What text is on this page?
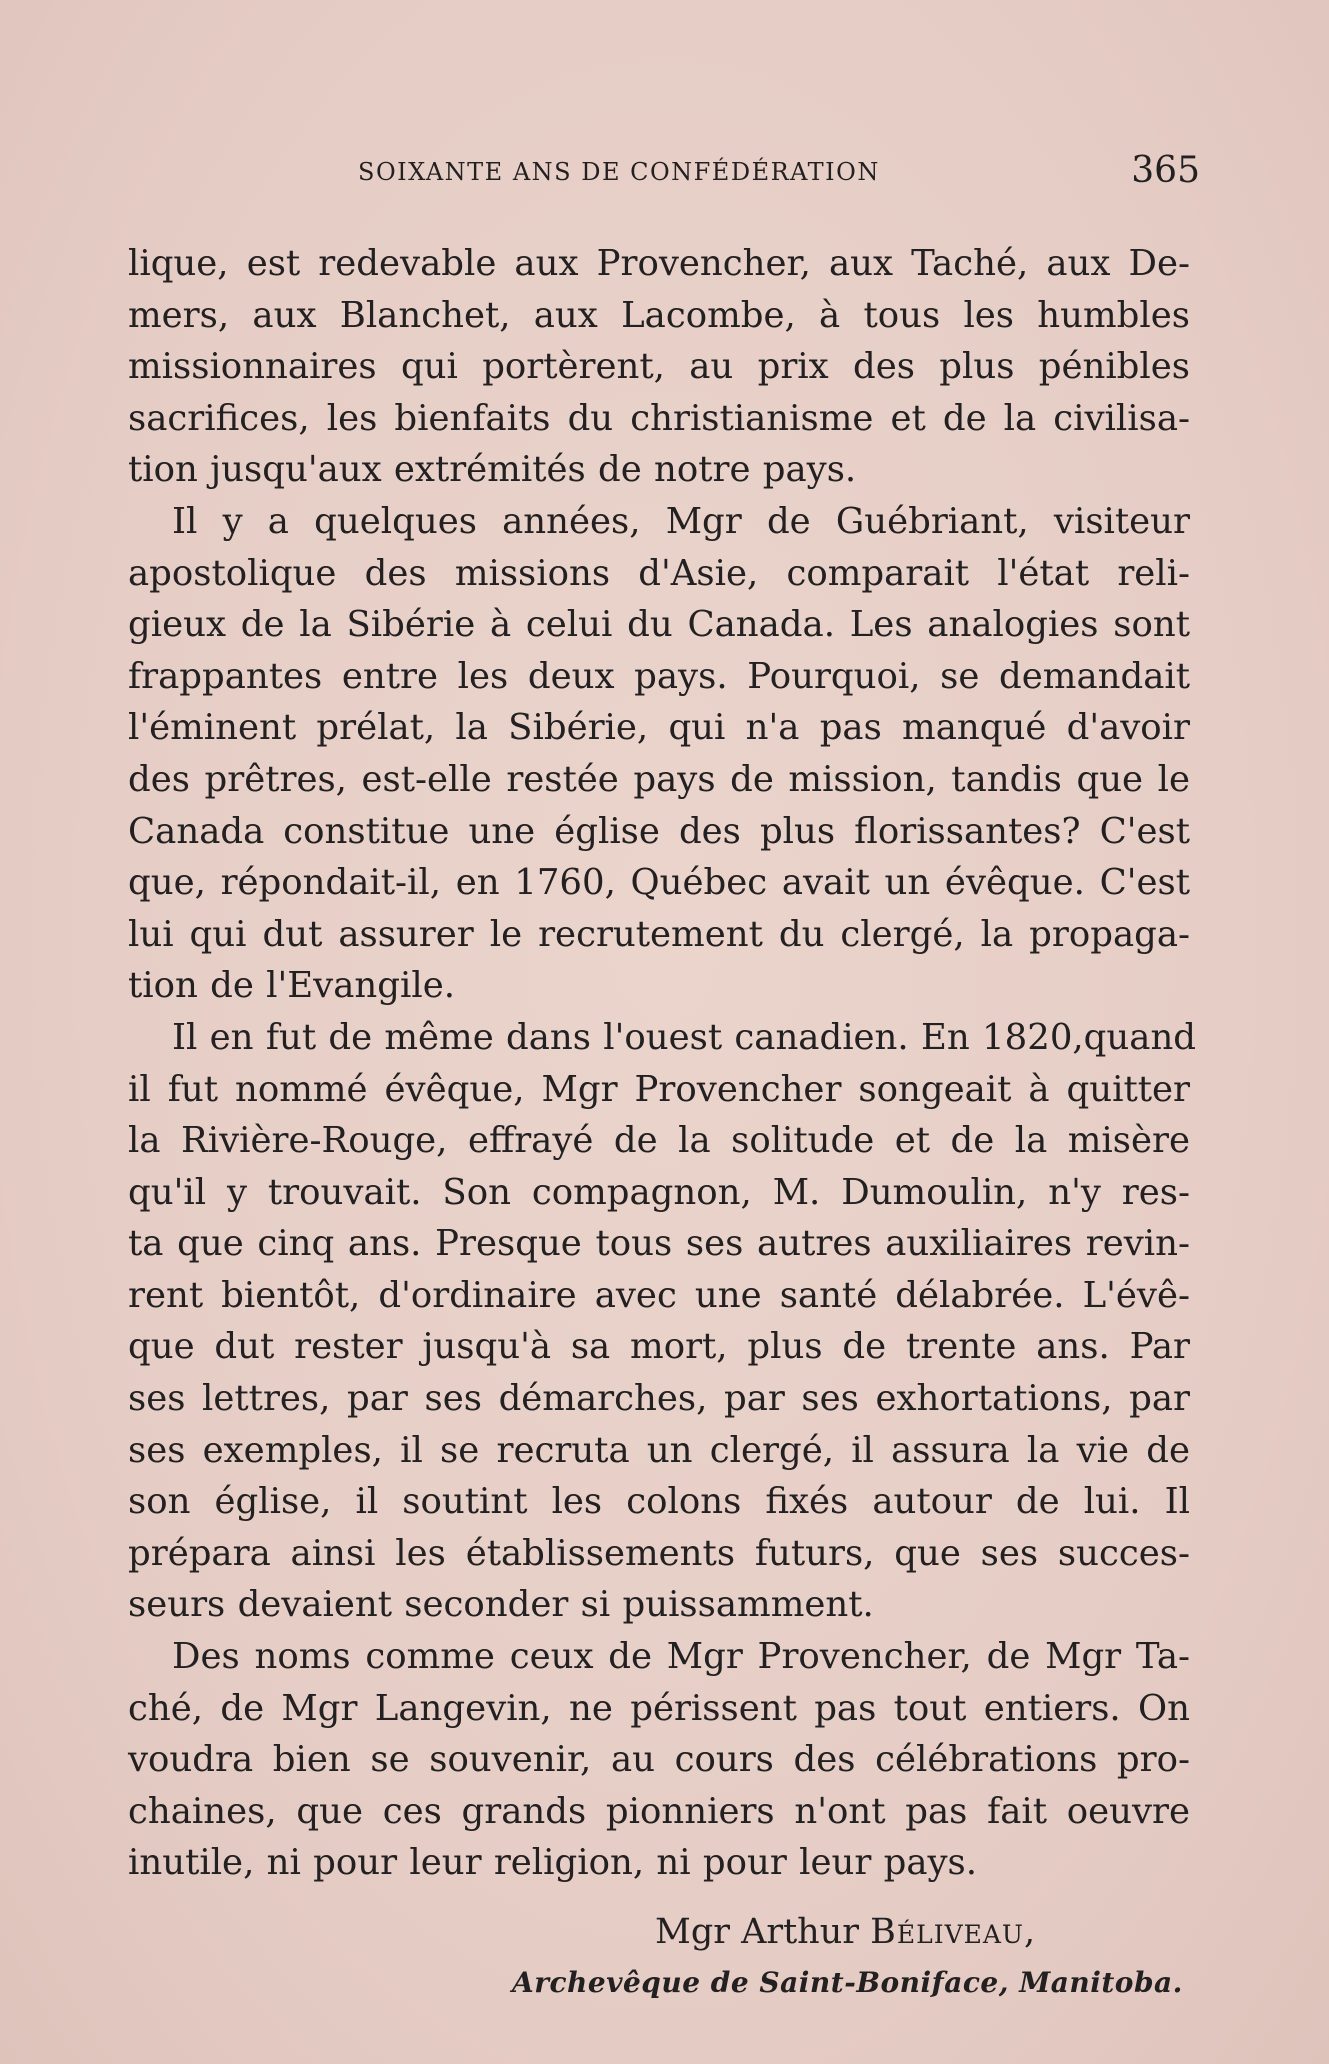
SOIXANTE ANS DE CONFÉDÉRATION	365
lique, est redevable aux Provencher, aux Taché, aux De-
mers, aux Blanchet, aux Lacombe, à tous les humbles
missionnaires qui portèrent, au prix des plus pénibles
sacrifices, les bienfaits du christianisme et de la civilisa-
tion jusqu'aux extrémités de notre pays.
Il y a quelques années, Mgr de Guébriant, visiteur
apostolique des missions d'Asie, comparait l'état reli-
gieux de la Sibérie à celui du Canada. Les analogies sont
frappantes entre les deux pays. Pourquoi, se demandait
l'éminent prélat, la Sibérie, qui n'a pas manqué d'avoir
des prêtres, est-elle restée pays de mission, tandis que le
Canada constitue une église des plus florissantes? C'est
que, répondait-il, en 1760, Québec avait un évêque. C'est
lui qui dut assurer le recrutement du clergé, la propaga-
tion de l'Evangile.
Il en fut de même dans l'ouest canadien. En 1820,quand
il fut nommé évêque, Mgr Provencher songeait à quitter
la Rivière-Rouge, effrayé de la solitude et de la misère
qu'il y trouvait. Son compagnon, M. Dumoulin, n'y res-
ta que cinq ans. Presque tous ses autres auxiliaires revin-
rent bientôt, d'ordinaire avec une santé délabrée. L'évê-
que dut rester jusqu'à sa mort, plus de trente ans. Par
ses lettres, par ses démarches, par ses exhortations, par
ses exemples, il se recruta un clergé, il assura la vie de
son église, il soutint les colons fixés autour de lui. Il
prépara ainsi les établissements futurs, que ses succes-
seurs devaient seconder si puissamment.
Des noms comme ceux de Mgr Provencher, de Mgr Ta-
ché, de Mgr Langevin, ne périssent pas tout entiers. On
voudra bien se souvenir, au cours des célébrations pro-
chaines, que ces grands pionniers n'ont pas fait oeuvre
inutile, ni pour leur religion, ni pour leur pays.
Mgr Arthur Béliveau,
Archevêque de Saint-Boniface, Manitoba.
